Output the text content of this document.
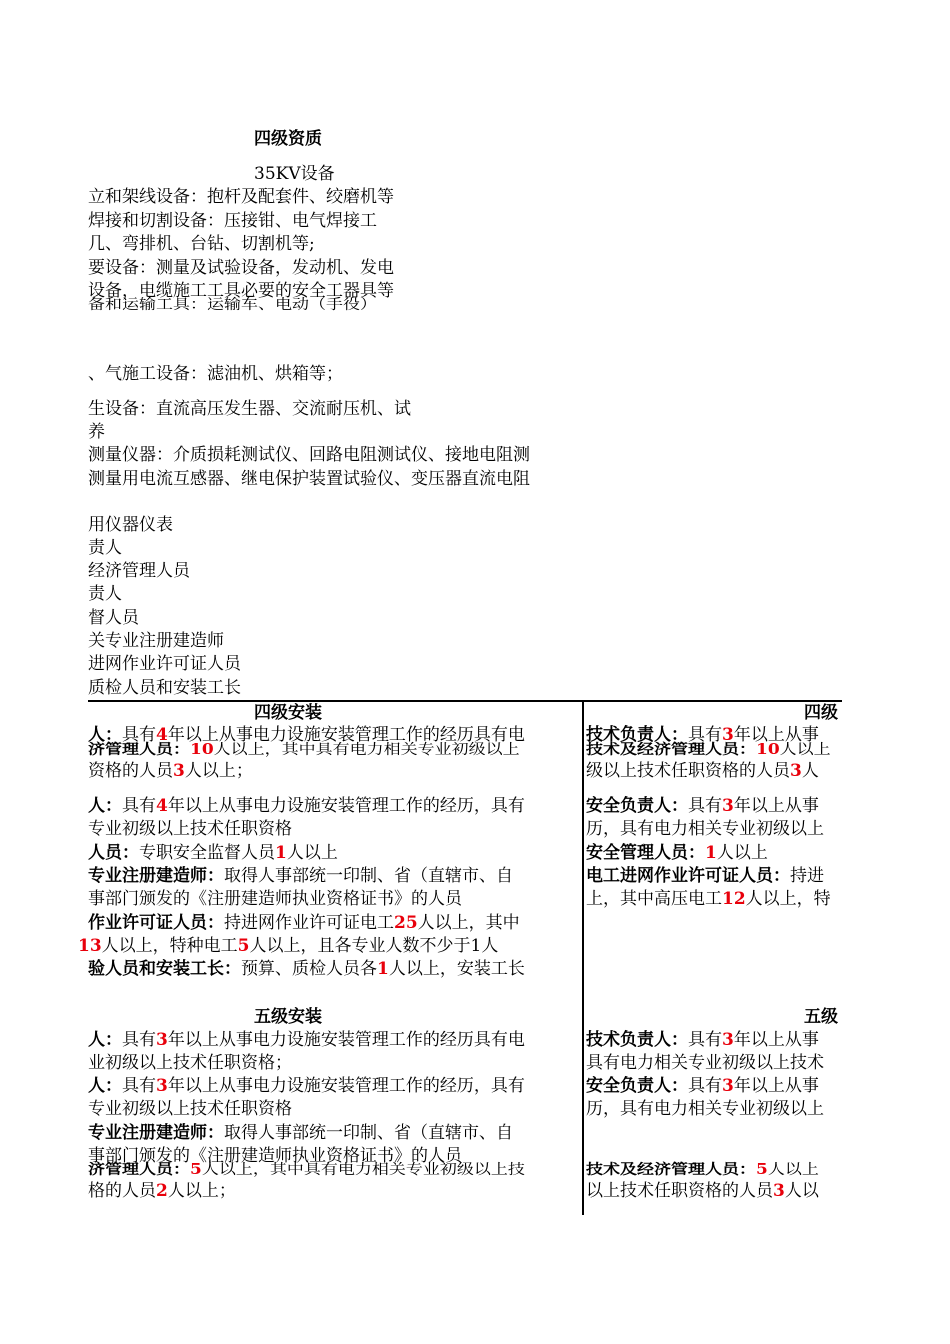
四级资质
35KV设备
立和架线设备：抱杆及配套件、绞磨机等
焊接和切割设备：压接钳、电气焊接工
几、弯排机、台钻、切割机等;
要设备：测量及试验设备，发动机、发电
设备，电缆施工工具必要的安全工器具等
备和运输工具：运输车、电动（手役）
、气施工设备：滤油机、烘箱等；
生设备：直流高压发生器、交流耐压机、试
养
测量仪器：介质损耗测试仪、回路电阻测试仪、接地电阻测
测量用电流互感器、继电保护装置试验仪、变压器直流电阻
用仪器仪表
责人
经济管理人员
责人
督人员
关专业注册建造师
进网作业许可证人员
质检人员和安装工长
四级安装
人：具有4年以上从事电力设施安装管理工作的经历具有电
济管理人员：10人以上，其中具有电力相关专业初级以上
资格的人员3人以上；
人：具有4年以上从事电力设施安装管理工作的经历，具有
专业初级以上技术任职资格
人员：专职安全监督人员1人以上
专业注册建造师：取得人事部统一印制、省（直辖市、自
事部门颁发的《注册建造师执业资格证书》的人员
作业许可证人员：持进网作业许可证电工25人以上，其中
13人以上，特种电工5人以上，且各专业人数不少于1人
验人员和安装工长：预算、质检人员各1人以上，安装工长
五级安装
人：具有3年以上从事电力设施安装管理工作的经历具有电
业初级以上技术任职资格；
人：具有3年以上从事电力设施安装管理工作的经历，具有
专业初级以上技术任职资格
专业注册建造师：取得人事部统一印制、省（直辖市、自
事部门颁发的《注册建造师执业资格证书》的人员
济管理人员：5人以上，其中具有电力相关专业初级以上技
格的人员2人以上；
四级
技术负责人：具有3年以上从事
技术及经济管理人员：10人以上
级以上技术任职资格的人员3人
安全负责人：具有3年以上从事
历，具有电力相关专业初级以上
安全管理人员：1人以上
电工进网作业许可证人员：持进
上，其中高压电工12人以上，特
五级
技术负责人：具有3年以上从事
具有电力相关专业初级以上技术
安全负责人：具有3年以上从事
历，具有电力相关专业初级以上
技术及经济管理人员：5人以上
以上技术任职资格的人员3人以
